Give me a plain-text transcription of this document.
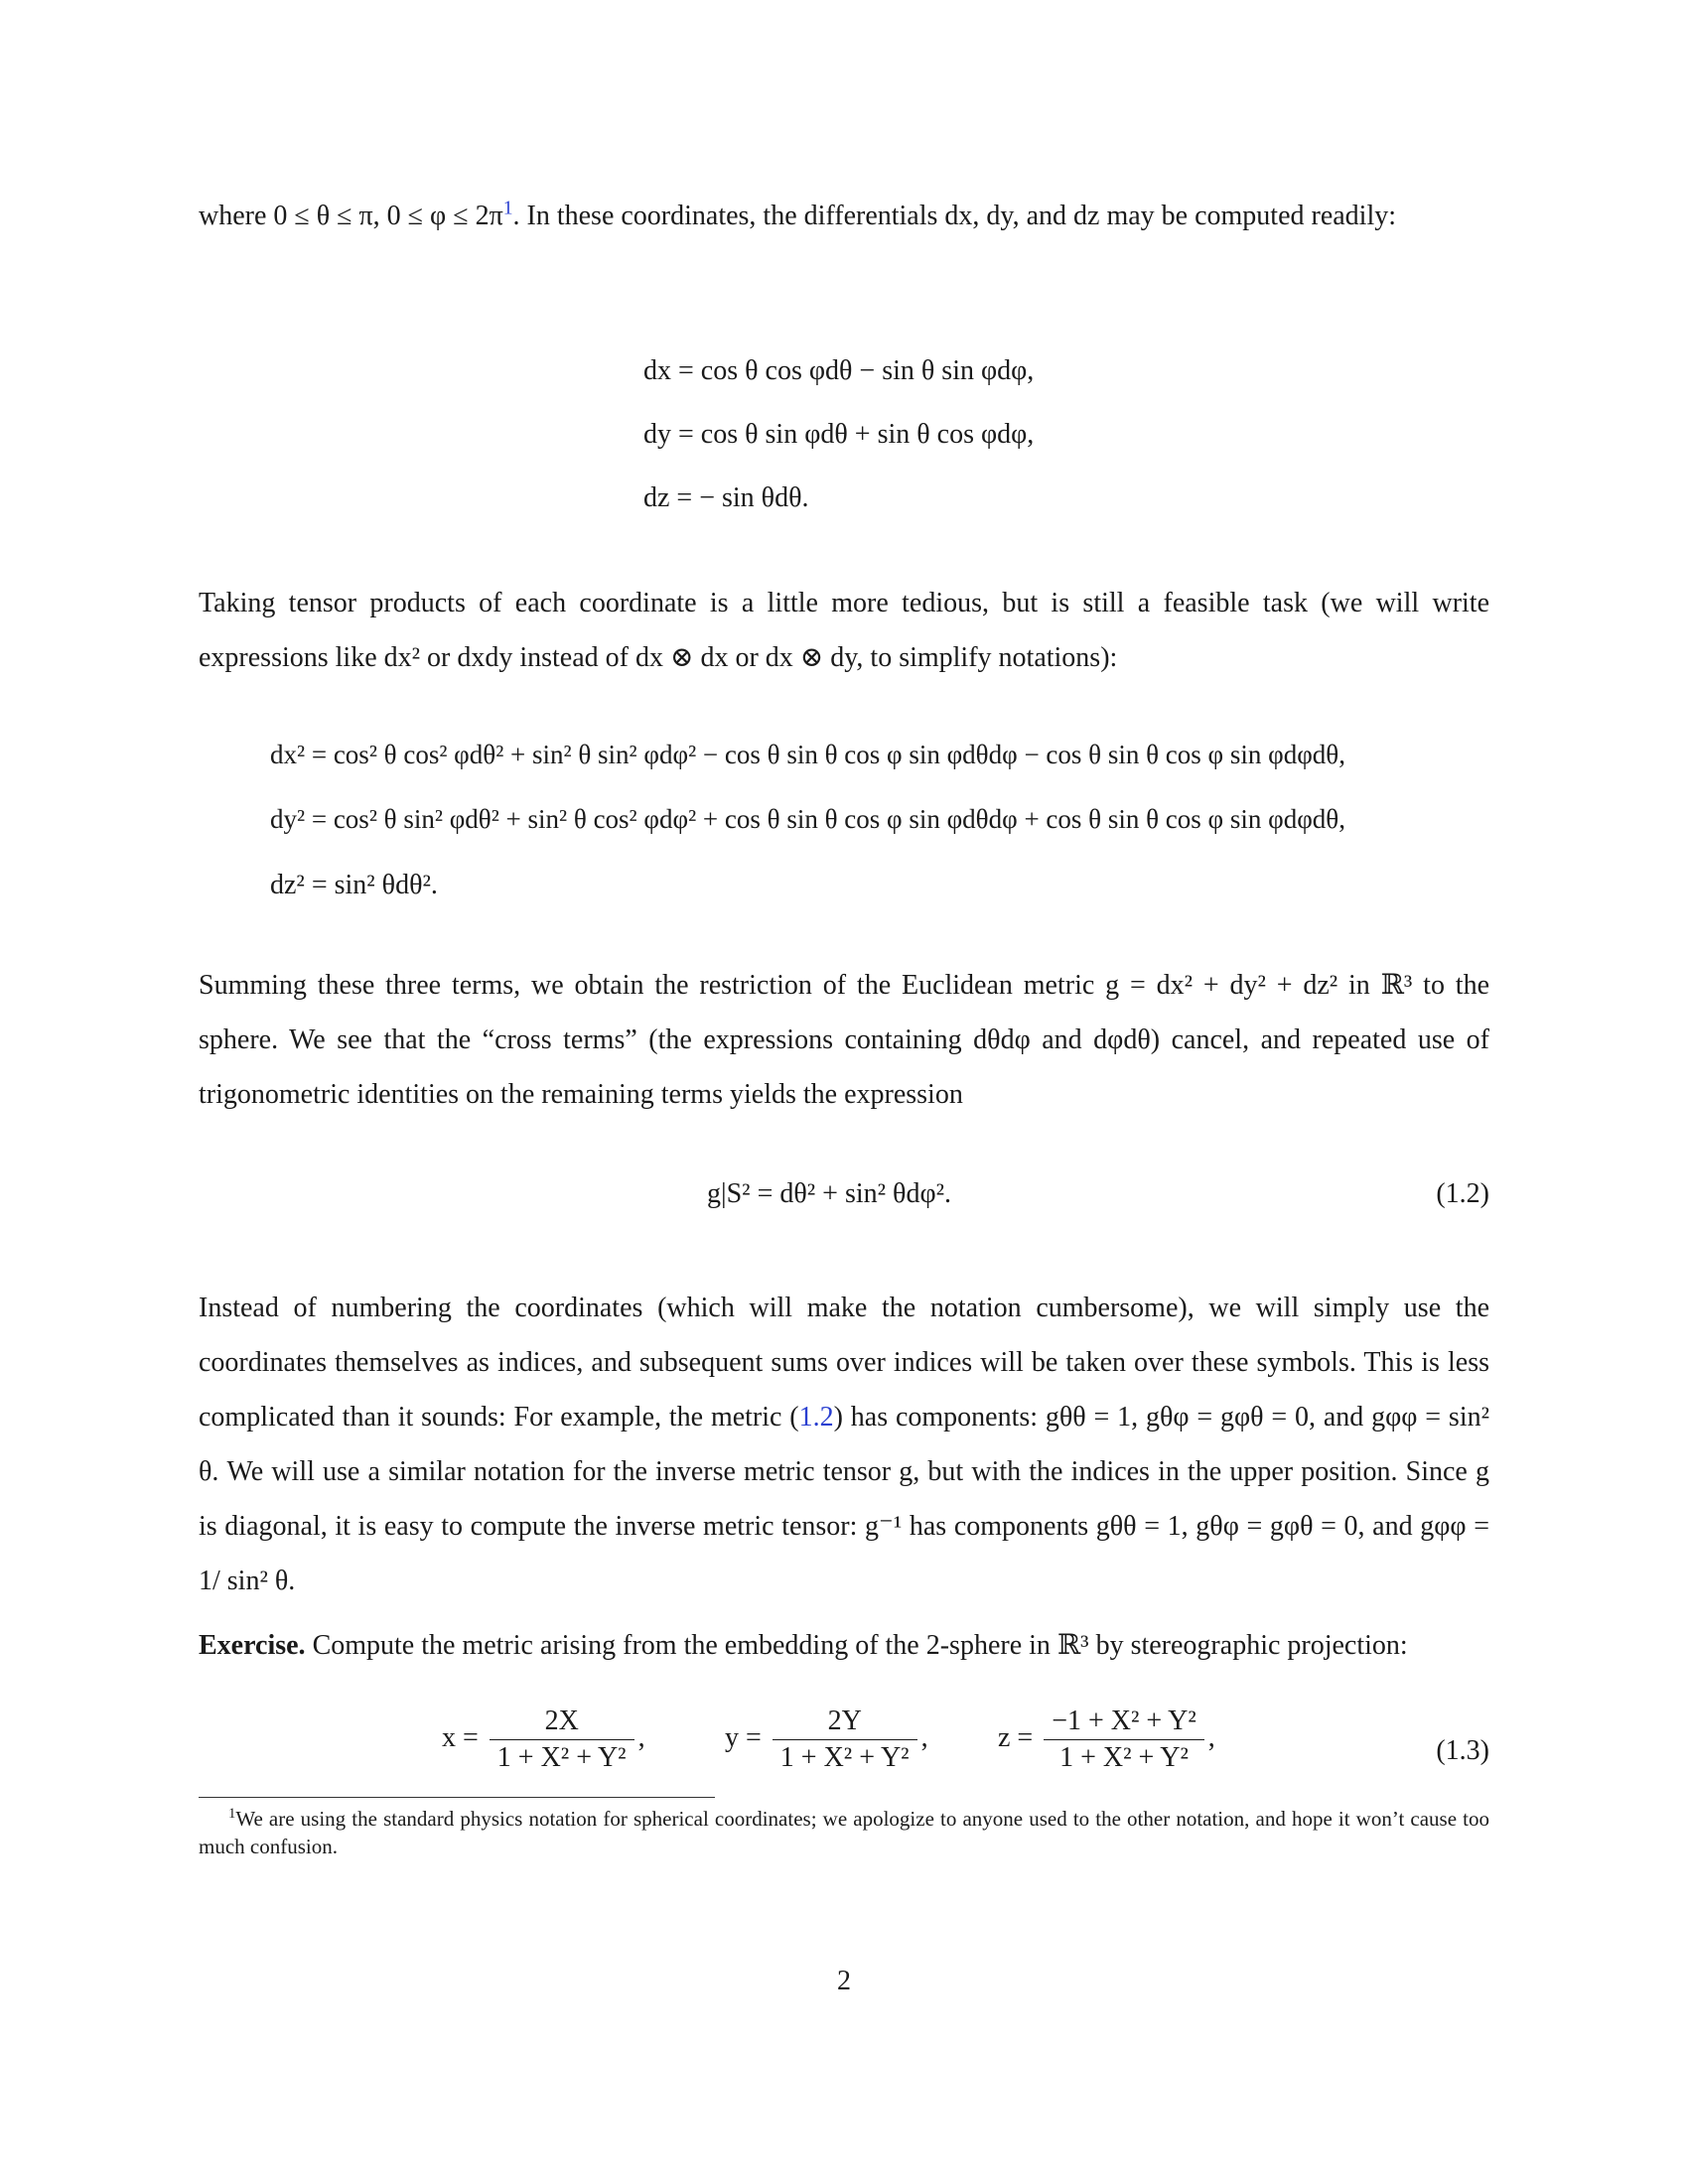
where 0 ≤ θ ≤ π, $0 \le \varphi \le 2\pi^1$. In these coordinates, the differentials dx, dy, and dz may be computed readily:
dx = cos θ cos φdθ − sin θ sin φdφ,
dy = cos θ sin φdθ + sin θ cos φdφ,
dz = − sin θdθ.
Taking tensor products of each coordinate is a little more tedious, but is still a feasible task (we will write expressions like dx² or dxdy instead of dx ⊗ dx or dx ⊗ dy, to simplify notations):
dx² = cos² θ cos² φdθ² + sin² θ sin² φdφ² − cos θ sin θ cos φ sin φdθdφ − cos θ sin θ cos φ sin φdφdθ,
dy² = cos² θ sin² φdθ² + sin² θ cos² φdφ² + cos θ sin θ cos φ sin φdθdφ + cos θ sin θ cos φ sin φdφdθ,
dz² = sin² θdθ².
Summing these three terms, we obtain the restriction of the Euclidean metric g = dx² + dy² + dz² in ℝ³ to the sphere. We see that the “cross terms” (the expressions containing dθdφ and dφdθ) cancel, and repeated use of trigonometric identities on the remaining terms yields the expression
g|S² = dθ² + sin² θdφ².	(1.2)
Instead of numbering the coordinates (which will make the notation cumbersome), we will simply use the coordinates themselves as indices, and subsequent sums over indices will be taken over these symbols. This is less complicated than it sounds: For example, the metric (1.2) has components: gθθ = 1, gθφ = gφθ = 0, and gφφ = sin² θ. We will use a similar notation for the inverse metric tensor g, but with the indices in the upper position. Since g is diagonal, it is easy to compute the inverse metric tensor: g⁻¹ has components gθθ = 1, gθφ = gφθ = 0, and gφφ = 1/ sin² θ.
Exercise. Compute the metric arising from the embedding of the 2-sphere in ℝ³ by stereographic projection:
$x = \frac{2X}{\text{1 + X² + Y²}}$ ,	$y = \frac{2Y}{\text{1 + X² + Y²}}$ ,	$z = \frac{\text{−1 + X² + Y²}}{\text{1 + X² + Y²}}$ ,	(1.3)
$^1$We are using the standard physics notation for spherical coordinates; we apologize to anyone used to the other notation, and hope it won’t cause too much confusion.
2
